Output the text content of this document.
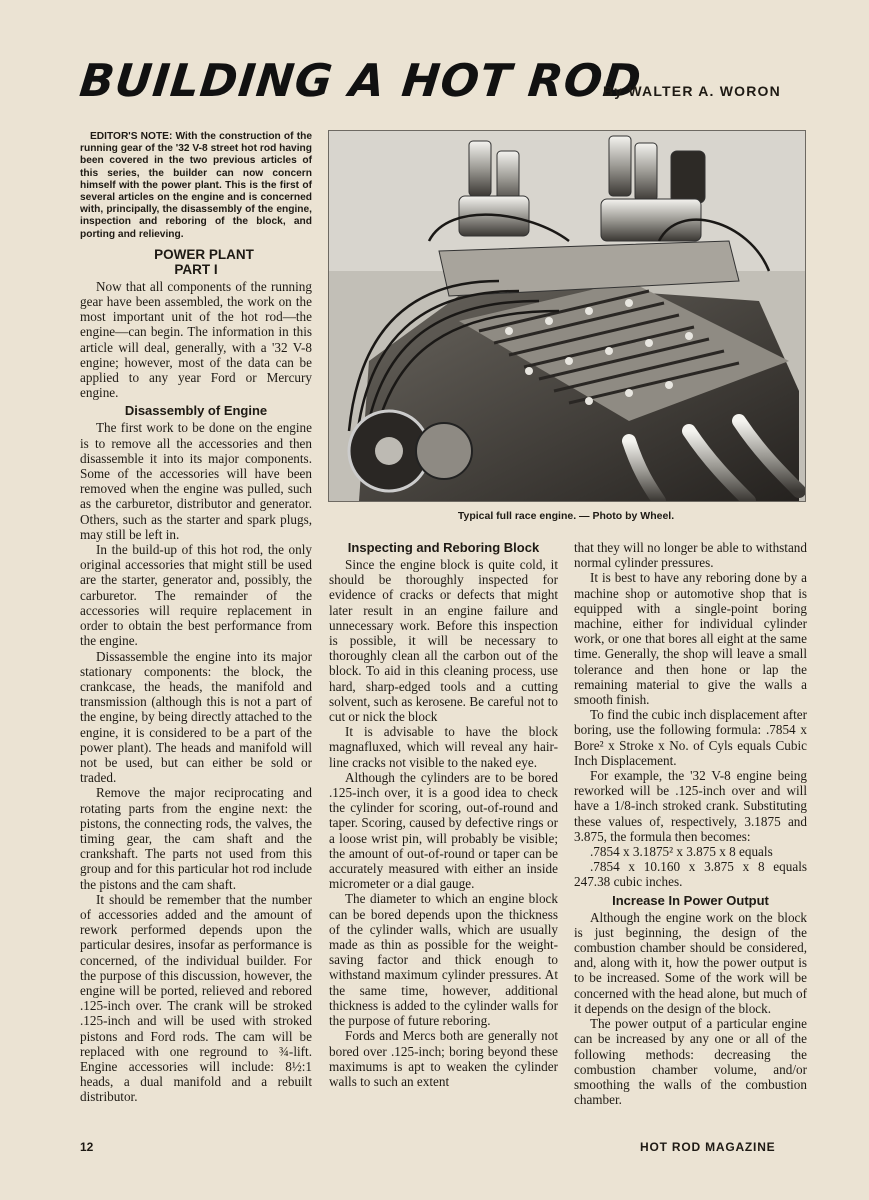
BUILDING A HOT ROD
By WALTER A. WORON

EDITOR'S NOTE: With the construction of the running gear of the '32 V-8 street hot rod having been covered in the two previous articles of this series, the builder can now concern himself with the power plant. This is the first of several articles on the engine and is concerned with, principally, the disassembly of the engine, inspection and reboring of the block, and porting and relieving.

POWER PLANT
PART I

Now that all components of the running gear have been assembled, the work on the most important unit of the hot rod—the engine—can begin. The information in this article will deal, generally, with a '32 V-8 engine; however, most of the data can be applied to any year Ford or Mercury engine.

Disassembly of Engine

The first work to be done on the engine is to remove all the accessories and then disassemble it into its major components. Some of the accessories will have been removed when the engine was pulled, such as the carburetor, distributor and generator. Others, such as the starter and spark plugs, may still be left in.

In the build-up of this hot rod, the only original accessories that might still be used are the starter, generator and, possibly, the carburetor. The remainder of the accessories will require replacement in order to obtain the best performance from the engine.

Dissassemble the engine into its major stationary components: the block, the crankcase, the heads, the manifold and transmission (although this is not a part of the engine, by being directly attached to the engine, it is considered to be a part of the power plant). The heads and manifold will not be used, but can either be sold or traded.

Remove the major reciprocating and rotating parts from the engine next: the pistons, the connecting rods, the valves, the timing gear, the cam shaft and the crankshaft. The parts not used from this group and for this particular hot rod include the pistons and the cam shaft.

It should be remember that the number of accessories added and the amount of rework performed depends upon the particular desires, insofar as performance is concerned, of the individual builder. For the purpose of this discussion, however, the engine will be ported, relieved and rebored .125-inch over. The crank will be stroked .125-inch and will be used with stroked pistons and Ford rods. The cam will be replaced with one reground to ¾-lift. Engine accessories will include: 8½:1 heads, a dual manifold and a rebuilt distributor.

Typical full race engine. — Photo by Wheel.
Inspecting and Reboring Block

Since the engine block is quite cold, it should be thoroughly inspected for evidence of cracks or defects that might later result in an engine failure and unnecessary work. Before this inspection is possible, it will be necessary to thoroughly clean all the carbon out of the block. To aid in this cleaning process, use hard, sharp-edged tools and a cutting solvent, such as kerosene. Be careful not to cut or nick the block

It is advisable to have the block magnafluxed, which will reveal any hair-line cracks not visible to the naked eye.

Although the cylinders are to be bored .125-inch over, it is a good idea to check the cylinder for scoring, out-of-round and taper. Scoring, caused by defective rings or a loose wrist pin, will probably be visible; the amount of out-of-round or taper can be accurately measured with either an inside micrometer or a dial gauge.

The diameter to which an engine block can be bored depends upon the thickness of the cylinder walls, which are usually made as thin as possible for the weight-saving factor and thick enough to withstand maximum cylinder pressures. At the same time, however, additional thickness is added to the cylinder walls for the purpose of future reboring.

Fords and Mercs both are generally not bored over .125-inch; boring beyond these maximums is apt to weaken the cylinder walls to such an extent

that they will no longer be able to withstand normal cylinder pressures.

It is best to have any reboring done by a machine shop or automotive shop that is equipped with a single-point boring machine, either for individual cylinder work, or one that bores all eight at the same time. Generally, the shop will leave a small tolerance and then hone or lap the remaining material to give the walls a smooth finish.

To find the cubic inch displacement after boring, use the following formula: .7854 x Bore² x Stroke x No. of Cyls equals Cubic Inch Displacement.

For example, the '32 V-8 engine being reworked will be .125-inch over and will have a 1/8-inch stroked crank. Substituting these values of, respectively, 3.1875 and 3.875, the formula then becomes:

.7854 x 3.1875² x 3.875 x 8 equals

.7854 x 10.160 x 3.875 x 8 equals 247.38 cubic inches.

Increase In Power Output

Although the engine work on the block is just beginning, the design of the combustion chamber should be considered, and, along with it, how the power output is to be increased. Some of the work will be concerned with the head alone, but much of it depends on the design of the block.

The power output of a particular engine can be increased by any one or all of the following methods: decreasing the combustion chamber volume, and/or smoothing the walls of the combustion chamber.

12	HOT ROD MAGAZINE
